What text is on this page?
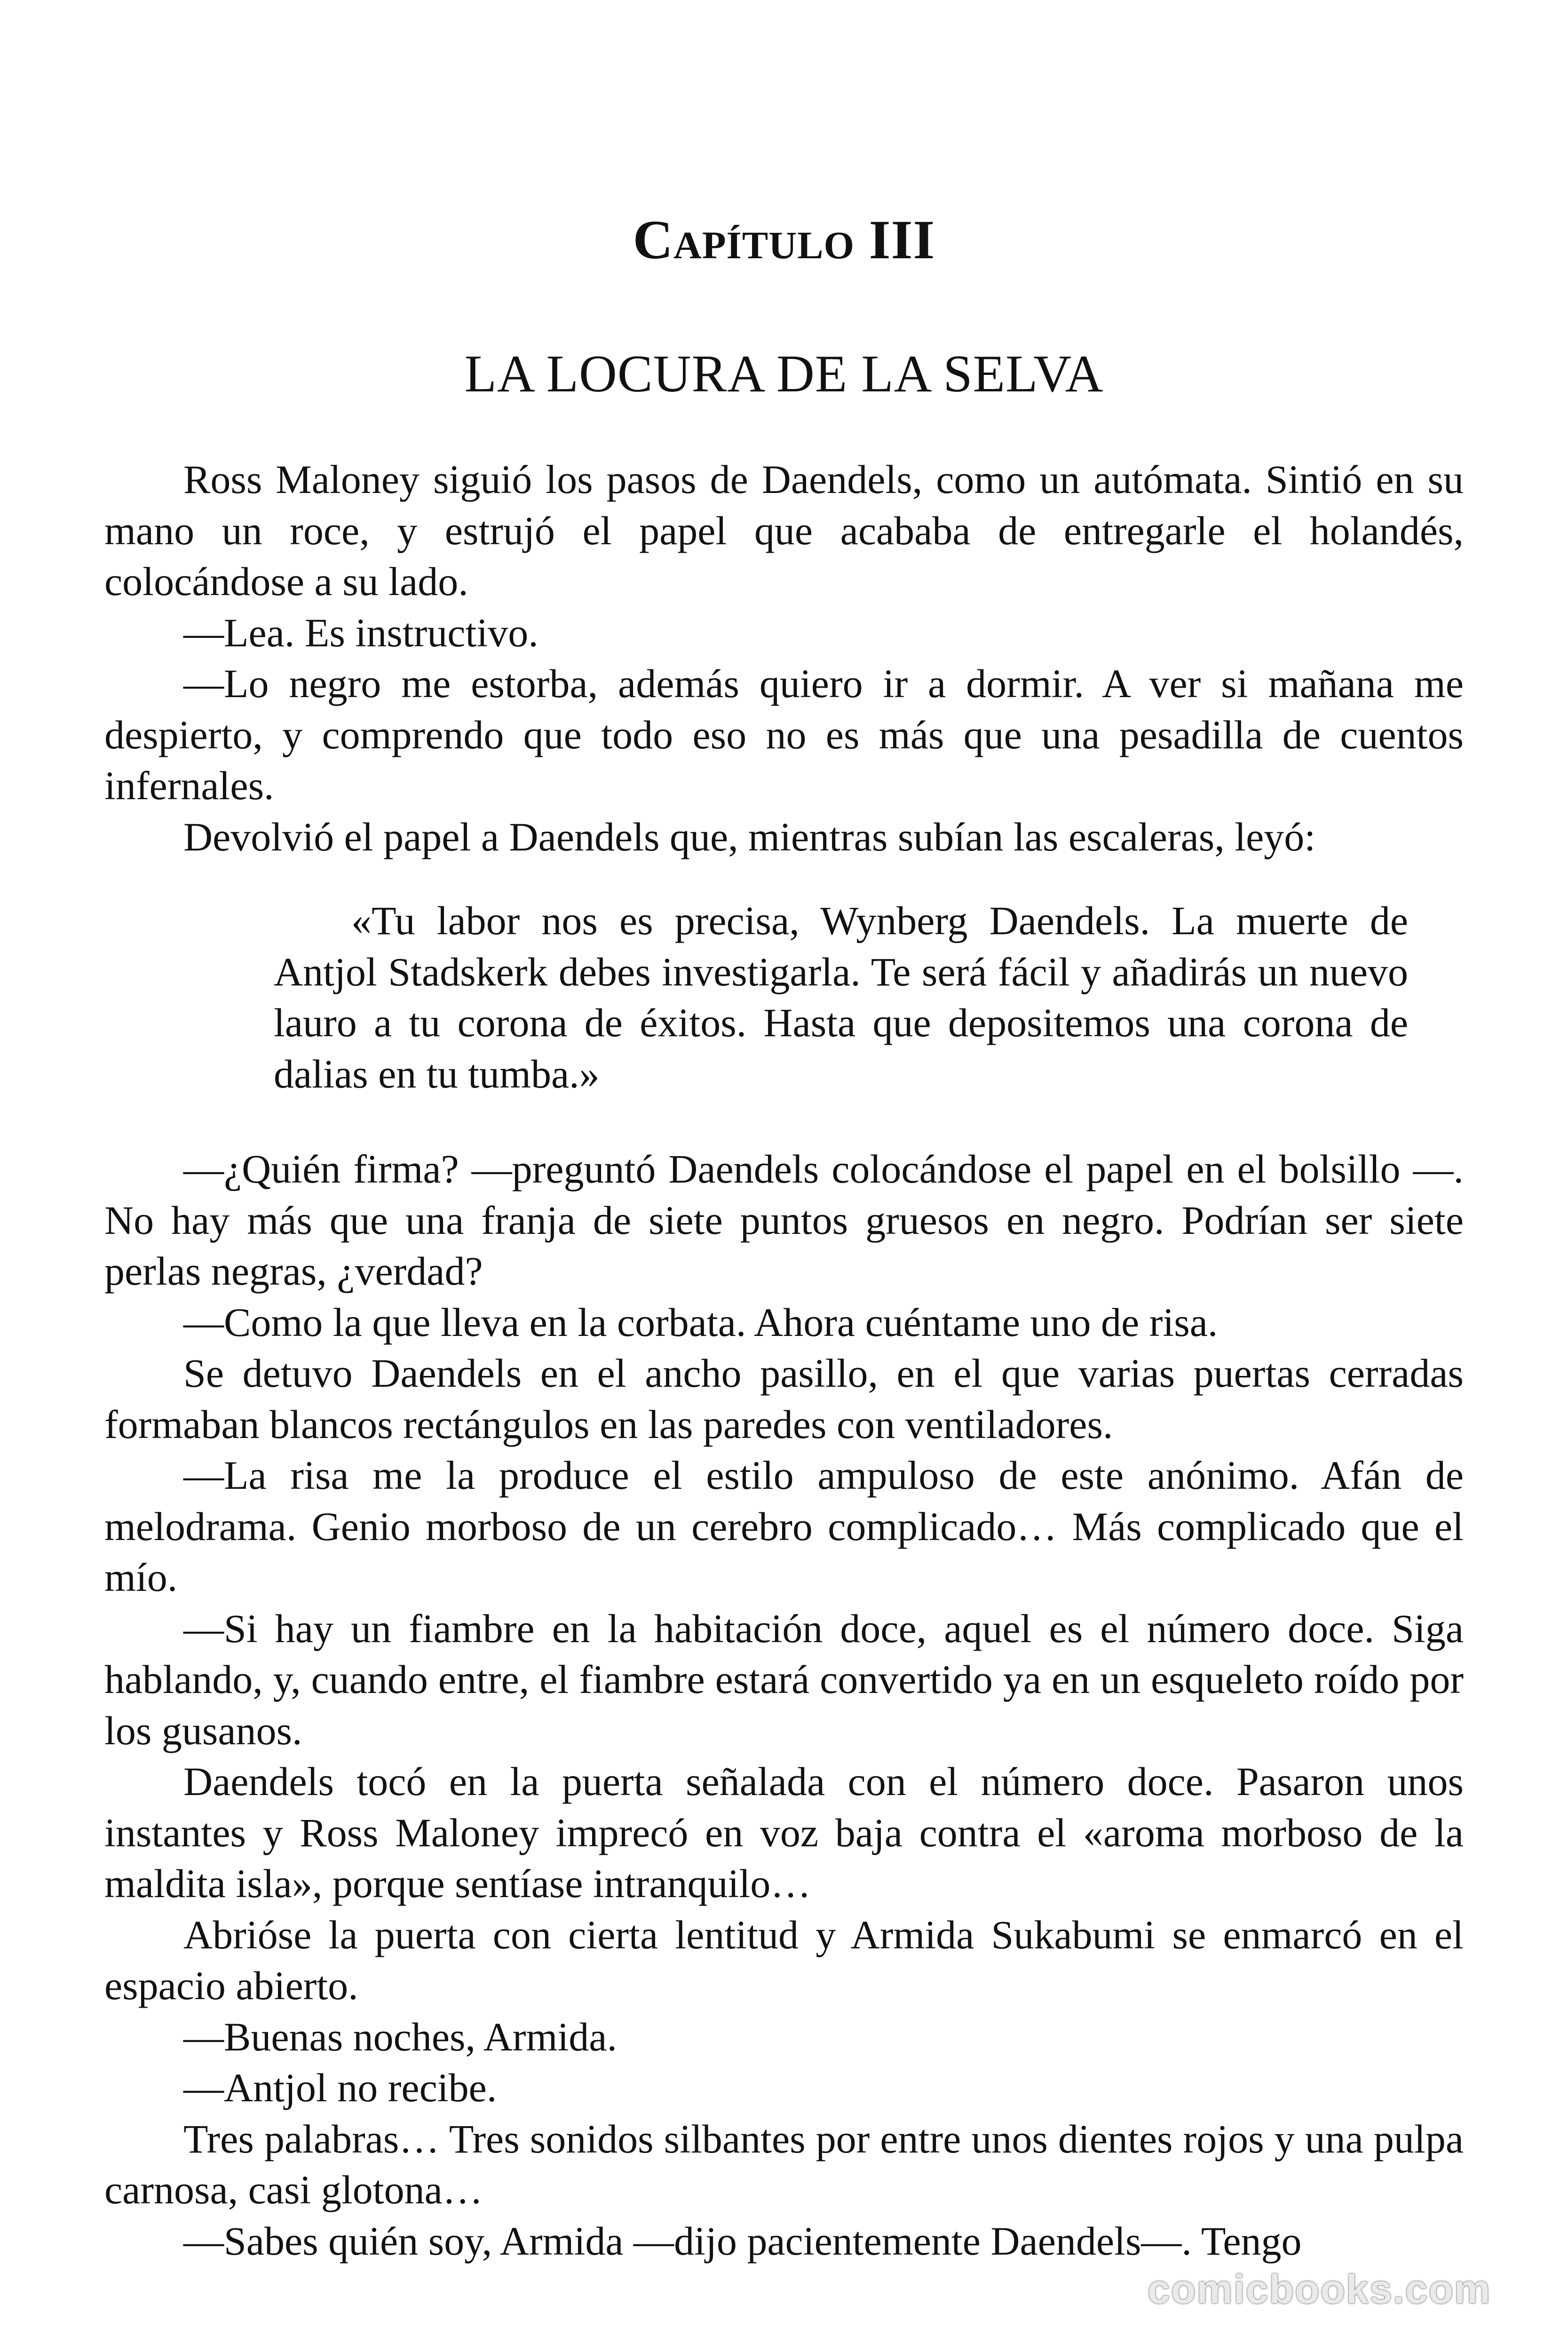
Capítulo III
LA LOCURA DE LA SELVA

Ross Maloney siguió los pasos de Daendels, como un autómata. Sintió en su mano un roce, y estrujó el papel que acababa de entregarle el holandés, colocándose a su lado.

—Lea. Es instructivo.

—Lo negro me estorba, además quiero ir a dormir. A ver si mañana me despierto, y comprendo que todo eso no es más que una pesadilla de cuentos infernales.

Devolvió el papel a Daendels que, mientras subían las escaleras, leyó:

«Tu labor nos es precisa, Wynberg Daendels. La muerte de Antjol Stadskerk debes investigarla. Te será fácil y añadirás un nuevo lauro a tu corona de éxitos. Hasta que depositemos una corona de dalias en tu tumba.»

—¿Quién firma? —preguntó Daendels colocándose el papel en el bolsillo —. No hay más que una franja de siete puntos gruesos en negro. Podrían ser siete perlas negras, ¿verdad?

—Como la que lleva en la corbata. Ahora cuéntame uno de risa.

Se detuvo Daendels en el ancho pasillo, en el que varias puertas cerradas formaban blancos rectángulos en las paredes con ventiladores.

—La risa me la produce el estilo ampuloso de este anónimo. Afán de melodrama. Genio morboso de un cerebro complicado… Más complicado que el mío.

—Si hay un fiambre en la habitación doce, aquel es el número doce. Siga hablando, y, cuando entre, el fiambre estará convertido ya en un esqueleto roído por los gusanos.

Daendels tocó en la puerta señalada con el número doce. Pasaron unos instantes y Ross Maloney imprecó en voz baja contra el «aroma morboso de la maldita isla», porque sentíase intranquilo…

Abrióse la puerta con cierta lentitud y Armida Sukabumi se enmarcó en el espacio abierto.

—Buenas noches, Armida.

—Antjol no recibe.

Tres palabras… Tres sonidos silbantes por entre unos dientes rojos y una pulpa carnosa, casi glotona…

—Sabes quién soy, Armida —dijo pacientemente Daendels—. Tengo

comicbooks.com
